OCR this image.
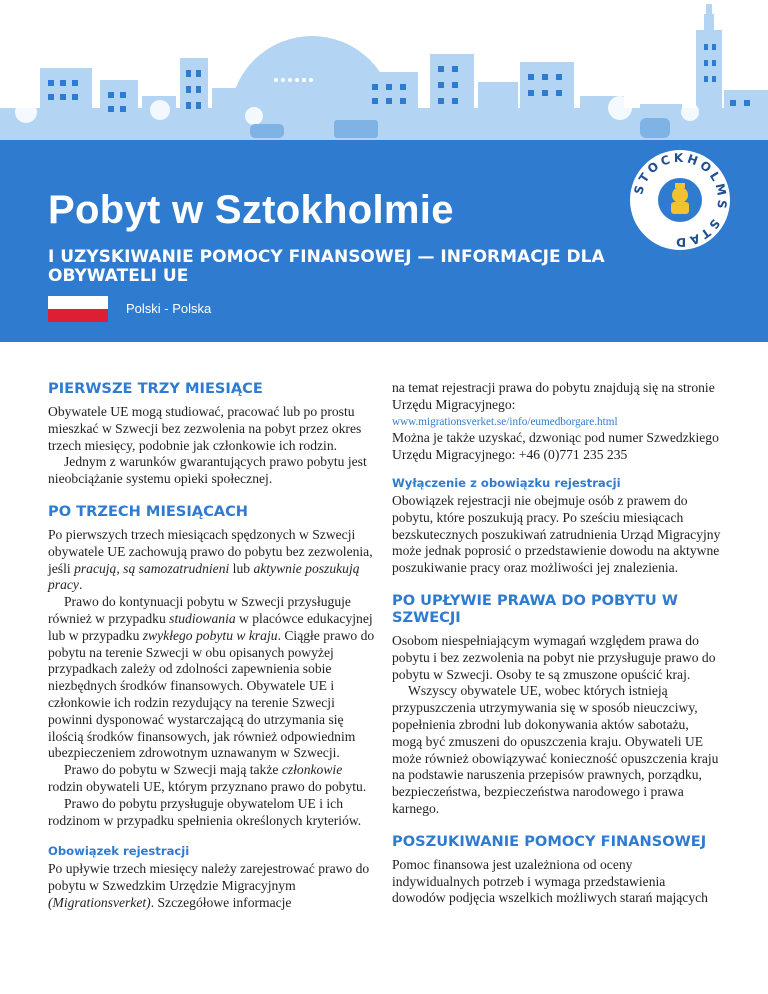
Pobyt w Sztokholmie
I UZYSKIWANIE POMOCY FINANSOWEJ — INFORMACJE DLA OBYWATELI UE
Polski - Polska
STOCKHOLMS STAD
PIERWSZE TRZY MIESIĄCE

Obywatele UE mogą studiować, pracować lub po prostu mieszkać w Szwecji bez zezwolenia na pobyt przez okres trzech miesięcy, podobnie jak członkowie ich rodzin.

Jednym z warunków gwarantujących prawo pobytu jest nieobciążanie systemu opieki społecznej.

PO TRZECH MIESIĄCACH

Po pierwszych trzech miesiącach spędzonych w Szwecji obywatele UE zachowują prawo do pobytu bez zezwolenia, jeśli pracują, są samozatrudnieni lub aktywnie poszukują pracy.

Prawo do kontynuacji pobytu w Szwecji przysługuje również w przypadku studiowania w placówce edukacyjnej lub w przypadku zwykłego pobytu w kraju. Ciągłe prawo do pobytu na terenie Szwecji w obu opisanych powyżej przypadkach zależy od zdolności zapewnienia sobie niezbędnych środków finansowych. Obywatele UE i członkowie ich rodzin rezydujący na terenie Szwecji powinni dysponować wystarczającą do utrzymania się ilością środków finansowych, jak również odpowiednim ubezpieczeniem zdrowotnym uznawanym w Szwecji.

Prawo do pobytu w Szwecji mają także członkowie rodzin obywateli UE, którym przyznano prawo do pobytu.

Prawo do pobytu przysługuje obywatelom UE i ich rodzinom w przypadku spełnienia określonych kryteriów.

Obowiązek rejestracji

Po upływie trzech miesięcy należy zarejestrować prawo do pobytu w Szwedzkim Urzędzie Migracyjnym (Migrationsverket). Szczegółowe informacje

na temat rejestracji prawa do pobytu znajdują się na stronie Urzędu Migracyjnego:

www.migrationsverket.se/info/eumedborgare.html

Można je także uzyskać, dzwoniąc pod numer Szwedzkiego Urzędu Migracyjnego: +46 (0)771 235 235

Wyłączenie z obowiązku rejestracji

Obowiązek rejestracji nie obejmuje osób z prawem do pobytu, które poszukują pracy. Po sześciu miesiącach bezskutecznych poszukiwań zatrudnienia Urząd Migracyjny może jednak poprosić o przedstawienie dowodu na aktywne poszukiwanie pracy oraz możliwości jej znalezienia.

PO UPŁYWIE PRAWA DO POBYTU W SZWECJI

Osobom niespełniającym wymagań względem prawa do pobytu i bez zezwolenia na pobyt nie przysługuje prawo do pobytu w Szwecji. Osoby te są zmuszone opuścić kraj.

Wszyscy obywatele UE, wobec których istnieją przypuszczenia utrzymywania się w sposób nieuczciwy, popełnienia zbrodni lub dokonywania aktów sabotażu, mogą być zmuszeni do opuszczenia kraju. Obywateli UE może również obowiązywać konieczność opuszczenia kraju na podstawie naruszenia przepisów prawnych, porządku, bezpieczeństwa, bezpieczeństwa narodowego i prawa karnego.

POSZUKIWANIE POMOCY FINANSOWEJ

Pomoc finansowa jest uzależniona od oceny indywidualnych potrzeb i wymaga przedstawienia dowodów podjęcia wszelkich możliwych starań mających
